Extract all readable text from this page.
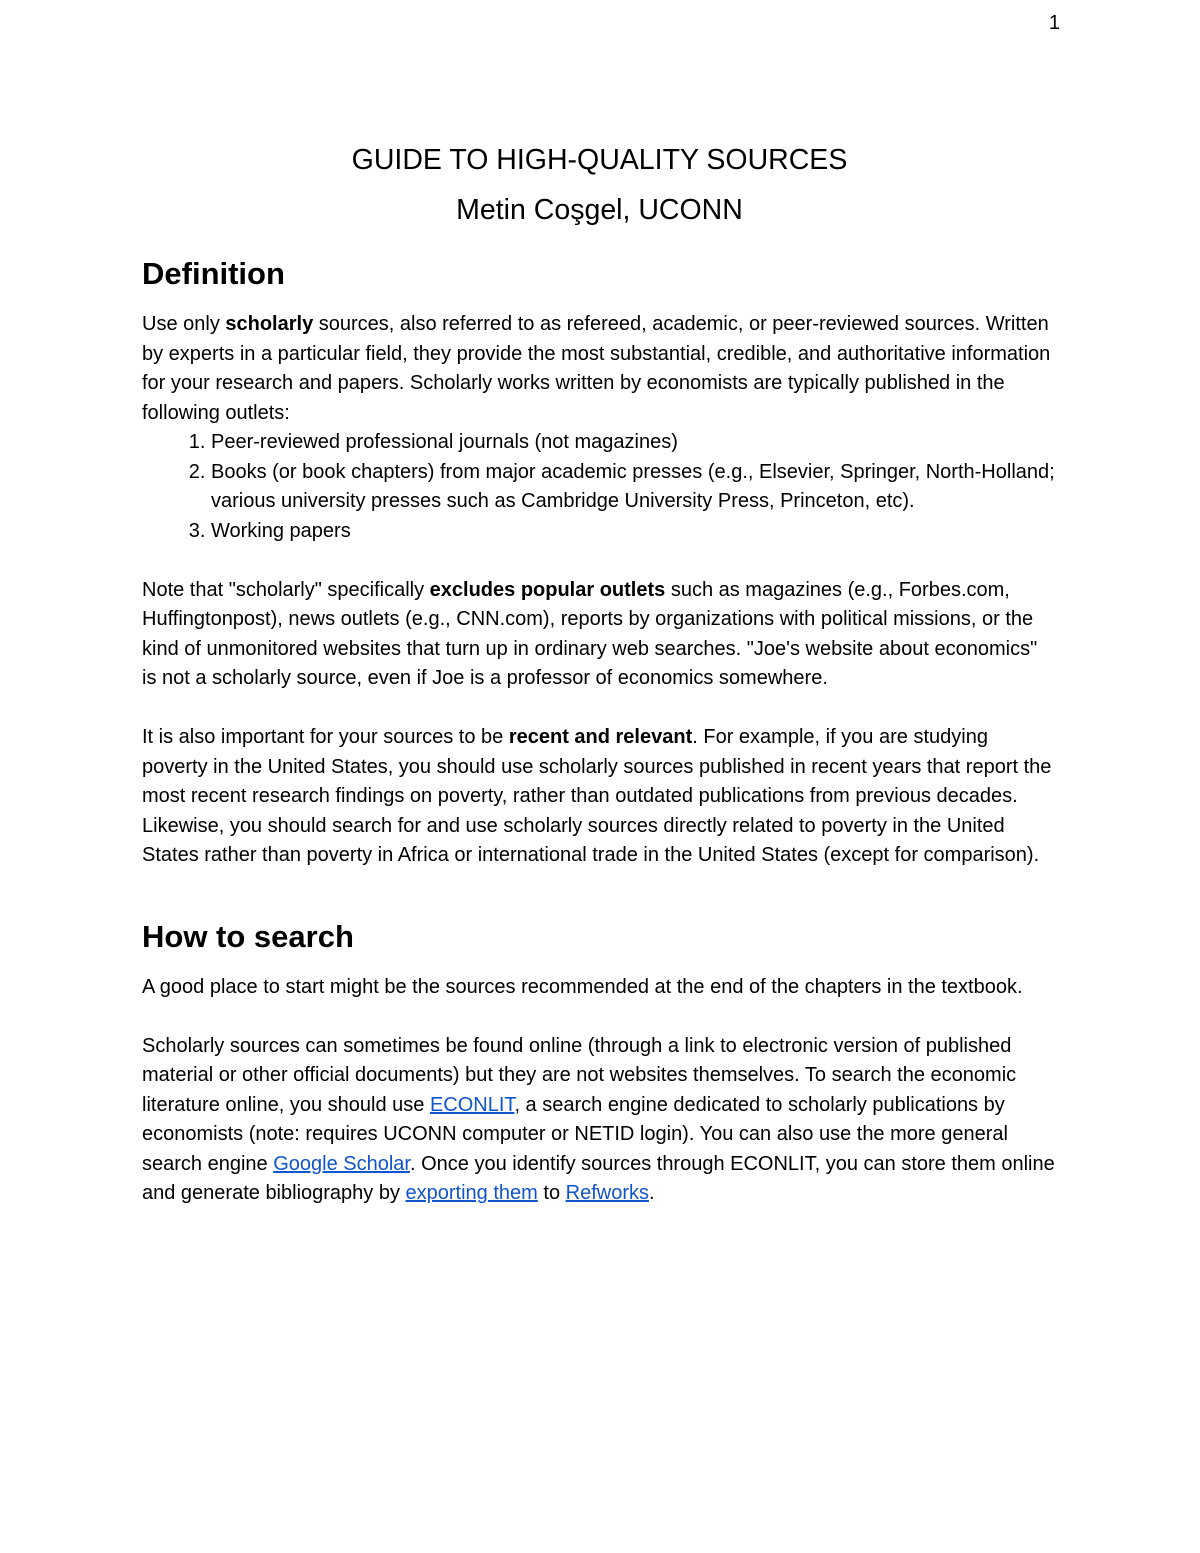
1
GUIDE TO HIGH-QUALITY SOURCES
Metin Coşgel, UCONN
Definition

Use only scholarly sources, also referred to as refereed, academic, or peer-reviewed sources. Written by experts in a particular field, they provide the most substantial, credible, and authoritative information for your research and papers. Scholarly works written by economists are typically published in the following outlets:

1. Peer-reviewed professional journals (not magazines)
2. Books (or book chapters) from major academic presses (e.g., Elsevier, Springer, North-Holland; various university presses such as Cambridge University Press, Princeton, etc).
3. Working papers

Note that "scholarly" specifically excludes popular outlets such as magazines (e.g., Forbes.com, Huffingtonpost), news outlets (e.g., CNN.com), reports by organizations with political missions, or the kind of unmonitored websites that turn up in ordinary web searches. "Joe's website about economics" is not a scholarly source, even if Joe is a professor of economics somewhere.

It is also important for your sources to be recent and relevant. For example, if you are studying poverty in the United States, you should use scholarly sources published in recent years that report the most recent research findings on poverty, rather than outdated publications from previous decades. Likewise, you should search for and use scholarly sources directly related to poverty in the United States rather than poverty in Africa or international trade in the United States (except for comparison).

How to search

A good place to start might be the sources recommended at the end of the chapters in the textbook.

Scholarly sources can sometimes be found online (through a link to electronic version of published material or other official documents) but they are not websites themselves. To search the economic literature online, you should use ECONLIT, a search engine dedicated to scholarly publications by economists (note: requires UCONN computer or NETID login). You can also use the more general search engine Google Scholar. Once you identify sources through ECONLIT, you can store them online and generate bibliography by exporting them to Refworks.
